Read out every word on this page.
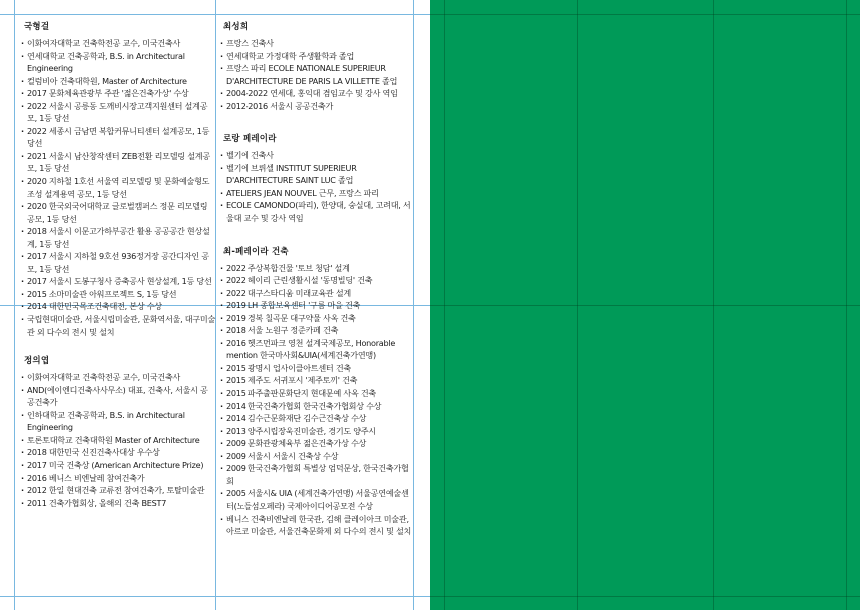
국형걸
· 이화여자대학교 건축학전공 교수, 미국건축사
· 연세대학교 건축공학과, B.S. in Architectural Engineering
· 컬럼비아 건축대학원, Master of Architecture
· 2017 문화체육관광부 주관 '젊은건축가상' 수상
· 2022 서울시 공릉동 도깨비시장고객지원센터 설계공모, 1등 당선
· 2022 세종시 금남면 복합커뮤니티센터 설계공모, 1등 당선
· 2021 서울시 남산창작센터 ZEB전환 리모델링 설계공모, 1등 당선
· 2020 지하철 1호선 서울역 리모델링 및 문화예술형도조성 설계용역 공모, 1등 당선
· 2020 한국외국어대학교 글로벌캠퍼스 정문 리모델링 공모, 1등 당선
· 2018 서울시 이문고가하부공간 활용 공공공간 현상설계, 1등 당선
· 2017 서울시 지하철 9호선 936정거장 공간디자인 공모, 1등 당선
· 2017 서울시 도봉구청사 증축공사 현상설계, 1등 당선
· 2015 소마미술관 아워프로젝트 S, 1등 당선
· 2014 대한민국목조건축대전, 본상 수상
· 국립현대미술관, 서울시립미술관, 문화역서울, 대구미술관 외 다수의 전시 및 설치
정의엽
· 이화여자대학교 건축학전공 교수, 미국건축사
· AND(에이엔디건축사사무소) 대표, 건축사, 서울시 공공건축가
· 인하대학교 건축공학과, B.S. in Architectural Engineering
· 토론토대학교 건축대학원 Master of Architecture
· 2018 대한민국 신진건축사대상 우수상
· 2017 미국 건축상 (American Architecture Prize)
· 2016 베니스 비엔날레 참여건축가
· 2012 한일 현대건축 교류전 참여건축가, 토탈미술관
· 2011 건축가협회상, 올해의 건축 BEST7
최성희
· 프랑스 건축사
· 연세대학교 가정대학 주생활학과 졸업
· 프랑스 파리 ECOLE NATIONALE SUPERIEUR D'ARCHITECTURE DE PARIS LA VILLETTE 졸업
· 2004-2022 연세대, 홍익대 겸임교수 및 강사 역임
· 2012-2016 서울시 공공건축가
로랑 페레이라
· 벨기에 건축사
· 벨기에 브뤼셀 INSTITUT SUPERIEUR D'ARCHITECTURE SAINT LUC 졸업
· ATELIERS JEAN NOUVEL 근무, 프랑스 파리
· ECOLE CAMONDO(파리), 한양대, 숭실대, 고려대, 서울대 교수 및 강사 역임
최-페레이라 건축
· 2022 주상복합건물 '토브 청담' 설계
· 2022 헤이리 근린생활시설 '동명빌딩' 건축
· 2022 대구스타디움 미래교육관 설계
· 2019 LH 종합보육센터 '구름 마을 건축
· 2019 경복 칠곡문 대구약물 사옥 건축
· 2018 서울 노원구 정준카페 건축
· 2016 헷즈먼파크 영천 설계국제공모, Honorable mention 한국마사회&UIA(세계건축가연맹)
· 2015 광명시 업사이클아트센터 건축
· 2015 제주도 서귀포시 '제주토끼' 건축
· 2015 파주출판문화단지 현대문예 사옥 건축
· 2014 한국건축가협회 한국건축가협회상 수상
· 2014 김수근문화재단 김수근건축상 수상
· 2013 양주시립장욱진미술관, 경기도 양주시
· 2009 문화관광체육부 젊은건축가상 수상
· 2009 서울시 서울시 건축상 수상
· 2009 한국건축가협회 특별상 엄덕문상, 한국건축가협회
· 2005 서울시& UIA (세계건축가연맹) 서울공연예술센터(노들섬오페라) 국제아이디어공모전 수상
· 베니스 건축비엔날레 한국관, 김해 클레이아크 미술관, 아르코 미술관, 서울건축문화제 외 다수의 전시 및 설치
